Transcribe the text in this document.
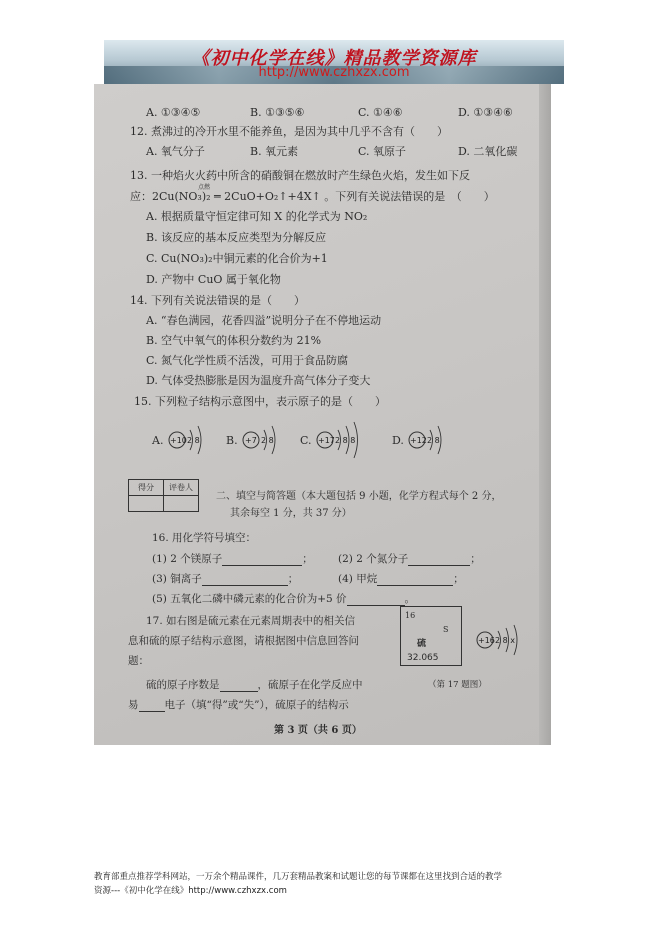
《初中化学在线》精品教学资源库
http://www.czhxzx.com
A. ①③④⑤	B. ①③⑤⑥	C. ①④⑥	D. ①③④⑥
12. 煮沸过的冷开水里不能养鱼，是因为其中几乎不含有（　　）
A. 氧气分子	B. 氧元素	C. 氧原子	D. 二氧化碳
13. 一种焰火火药中所含的硝酸铜在燃放时产生绿色火焰，发生如下反
点燃
应：2Cu(NO₃)₂ ═ 2CuO+O₂↑+4X↑ 。下列有关说法错误的是　（　　）
A. 根据质量守恒定律可知 X 的化学式为 NO₂
B. 该反应的基本反应类型为分解反应
C. Cu(NO₃)₂中铜元素的化合价为+1
D. 产物中 CuO 属于氧化物
14. 下列有关说法错误的是（　　）
A. “春色满园，花香四溢”说明分子在不停地运动
B. 空气中氧气的体积分数约为 21%
C. 氮气化学性质不活泼，可用于食品防腐
D. 气体受热膨胀是因为温度升高气体分子变大
15. 下列粒子结构示意图中，表示原子的是（　　）
A. +10 2 8 B. +7 2 8 C. +17 2 8 8	D. +12 2 8
得分	评卷人

二、填空与简答题（本大题包括 9 小题，化学方程式每个 2 分，
其余每空 1 分，共 37 分）
16. 用化学符号填空：
(1) 2 个镁原子	； (2) 2 个氮分子	；
(3) 铜离子	；	(4) 甲烷	；
(5) 五氧化二磷中磷元素的化合价为+5 价	。
17. 如右图是硫元素在元素周期表中的相关信
息和硫的原子结构示意图，请根据图中信息回答问
题：
硫的原子序数是	，硫原子在化学反应中
易 电子（填“得”或“失”），硫原子的结构示
16
S
硫
32.065
+16 2 8 x
（第 17 题图）
第 3 页（共 6 页）
教育部重点推荐学科网站，一万余个精品课件，几万套精品教案和试题让您的每节课都在这里找到合适的教学
资源---《初中化学在线》http://www.czhxzx.com
